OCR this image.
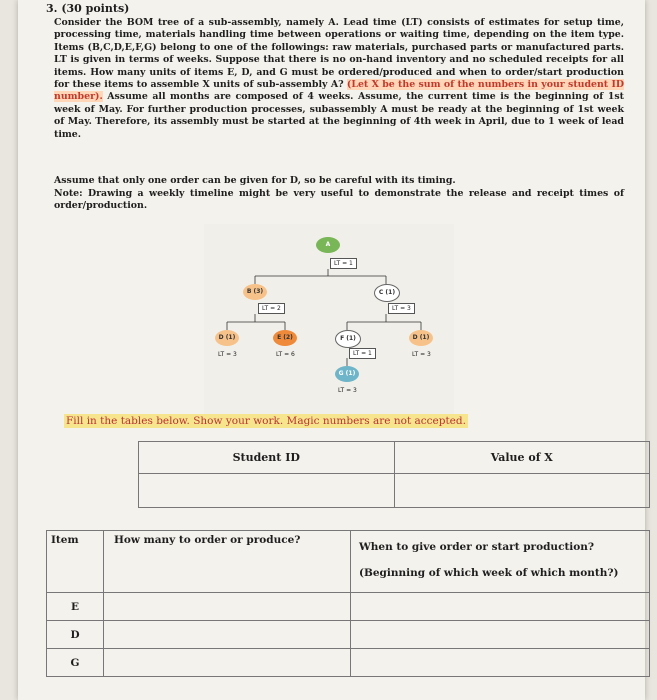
3. (30 points)
Consider the BOM tree of a sub-assembly, namely A. Lead time (LT) consists of estimates for setup time, processing time, materials handling time between operations or waiting time, depending on the item type. Items (B,C,D,E,F,G) belong to one of the followings: raw materials, purchased parts or manufactured parts. LT is given in terms of weeks. Suppose that there is no on-hand inventory and no scheduled receipts for all items. How many units of items E, D, and G must be ordered/produced and when to order/start production for these items to assemble X units of sub-assembly A? (Let X be the sum of the numbers in your student ID number). Assume all months are composed of 4 weeks. Assume, the current time is the beginning of 1st week of May. For further production processes, subassembly A must be ready at the beginning of 1st week of May. Therefore, its assembly must be started at the beginning of 4th week in April, due to 1 week of lead time.
Assume that only one order can be given for D, so be careful with its timing.
Note: Drawing a weekly timeline might be very useful to demonstrate the release and receipt times of order/production.
A
LT = 1
B (3)
LT = 2
C (1)
LT = 3
D (1)
LT = 3
E (2)
LT = 6
F (1)
LT = 1
D (1)
LT = 3
G (1)
LT = 3
Fill in the tables below. Show your work. Magic numbers are not accepted.
Student ID	Value of X

Item	How many to order or produce?	When to give order or start production?
(Beginning of which week of which month?)

E		
D		
G		
